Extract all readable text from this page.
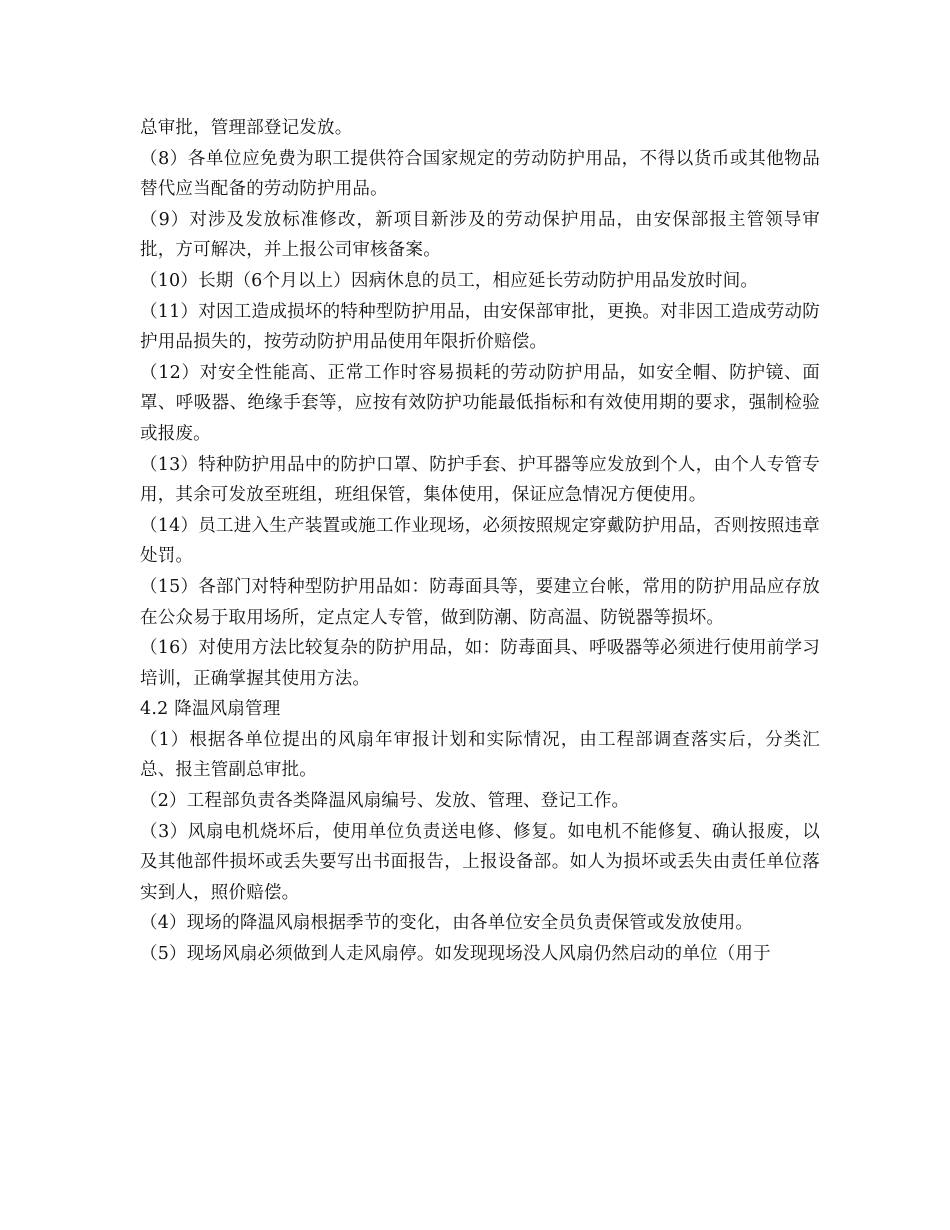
总审批，管理部登记发放。

（8）各单位应免费为职工提供符合国家规定的劳动防护用品，不得以货币或其他物品替代应当配备的劳动防护用品。

（9）对涉及发放标准修改，新项目新涉及的劳动保护用品，由安保部报主管领导审批，方可解决，并上报公司审核备案。

（10）长期（6个月以上）因病休息的员工，相应延长劳动防护用品发放时间。

（11）对因工造成损坏的特种型防护用品，由安保部审批，更换。对非因工造成劳动防护用品损失的，按劳动防护用品使用年限折价赔偿。

（12）对安全性能高、正常工作时容易损耗的劳动防护用品，如安全帽、防护镜、面罩、呼吸器、绝缘手套等，应按有效防护功能最低指标和有效使用期的要求，强制检验或报废。

（13）特种防护用品中的防护口罩、防护手套、护耳器等应发放到个人，由个人专管专用，其余可发放至班组，班组保管，集体使用，保证应急情况方便使用。

（14）员工进入生产装置或施工作业现场，必须按照规定穿戴防护用品，否则按照违章处罚。

（15）各部门对特种型防护用品如：防毒面具等，要建立台帐，常用的防护用品应存放在公众易于取用场所，定点定人专管，做到防潮、防高温、防锐器等损坏。

（16）对使用方法比较复杂的防护用品，如：防毒面具、呼吸器等必须进行使用前学习培训，正确掌握其使用方法。

4.2 降温风扇管理

（1）根据各单位提出的风扇年审报计划和实际情况，由工程部调查落实后，分类汇总、报主管副总审批。

（2）工程部负责各类降温风扇编号、发放、管理、登记工作。

（3）风扇电机烧坏后，使用单位负责送电修、修复。如电机不能修复、确认报废，以及其他部件损坏或丢失要写出书面报告，上报设备部。如人为损坏或丢失由责任单位落实到人，照价赔偿。

（4）现场的降温风扇根据季节的变化，由各单位安全员负责保管或发放使用。

（5）现场风扇必须做到人走风扇停。如发现现场没人风扇仍然启动的单位（用于
